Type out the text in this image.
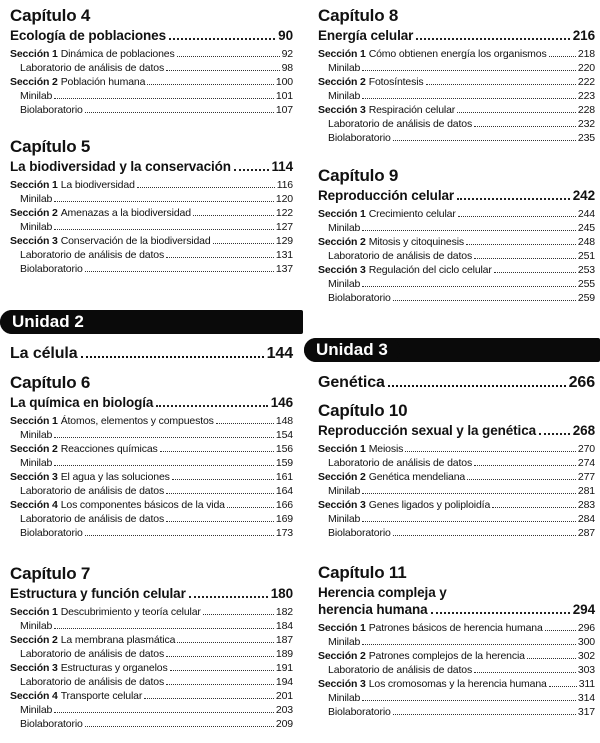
Capítulo 4
Ecología de poblaciones	90
Sección 1 Dinámica de poblaciones	92
Laboratorio de análisis de datos	98
Sección 2 Población humana	100
Minilab	101
Biolaboratorio	107
Capítulo 5
La biodiversidad y la conservación	114
Sección 1 La biodiversidad	116
Minilab	120
Sección 2 Amenazas a la biodiversidad	122
Minilab	127
Sección 3 Conservación de la biodiversidad	129
Laboratorio de análisis de datos	131
Biolaboratorio	137
Unidad 2
La célula	144
Capítulo 6
La química en biología	146
Sección 1 Átomos, elementos y compuestos	148
Minilab	154
Sección 2 Reacciones químicas	156
Minilab	159
Sección 3 El agua y las soluciones	161
Laboratorio de análisis de datos	164
Sección 4 Los componentes básicos de la vida	166
Laboratorio de análisis de datos	169
Biolaboratorio	173
Capítulo 7
Estructura y función celular	180
Sección 1 Descubrimiento y teoría celular	182
Minilab	184
Sección 2 La membrana plasmática	187
Laboratorio de análisis de datos	189
Sección 3 Estructuras y organelos	191
Laboratorio de análisis de datos	194
Sección 4 Transporte celular	201
Minilab	203
Biolaboratorio	209
Capítulo 8
Energía celular	216
Sección 1 Cómo obtienen energía los organismos	218
Minilab	220
Sección 2 Fotosíntesis	222
Minilab	223
Sección 3 Respiración celular	228
Laboratorio de análisis de datos	232
Biolaboratorio	235
Capítulo 9
Reproducción celular	242
Sección 1 Crecimiento celular	244
Minilab	245
Sección 2 Mitosis y citoquinesis	248
Laboratorio de análisis de datos	251
Sección 3 Regulación del ciclo celular	253
Minilab	255
Biolaboratorio	259
Unidad 3
Genética	266
Capítulo 10
Reproducción sexual y la genética	268
Sección 1 Meiosis	270
Laboratorio de análisis de datos	274
Sección 2 Genética mendeliana	277
Minilab	281
Sección 3 Genes ligados y poliploidía	283
Minilab	284
Biolaboratorio	287
Capítulo 11
Herencia compleja y
herencia humana	294
Sección 1 Patrones básicos de herencia humana	296
Minilab	300
Sección 2 Patrones complejos de la herencia	302
Laboratorio de análisis de datos	303
Sección 3 Los cromosomas y la herencia humana	311
Minilab	314
Biolaboratorio	317
